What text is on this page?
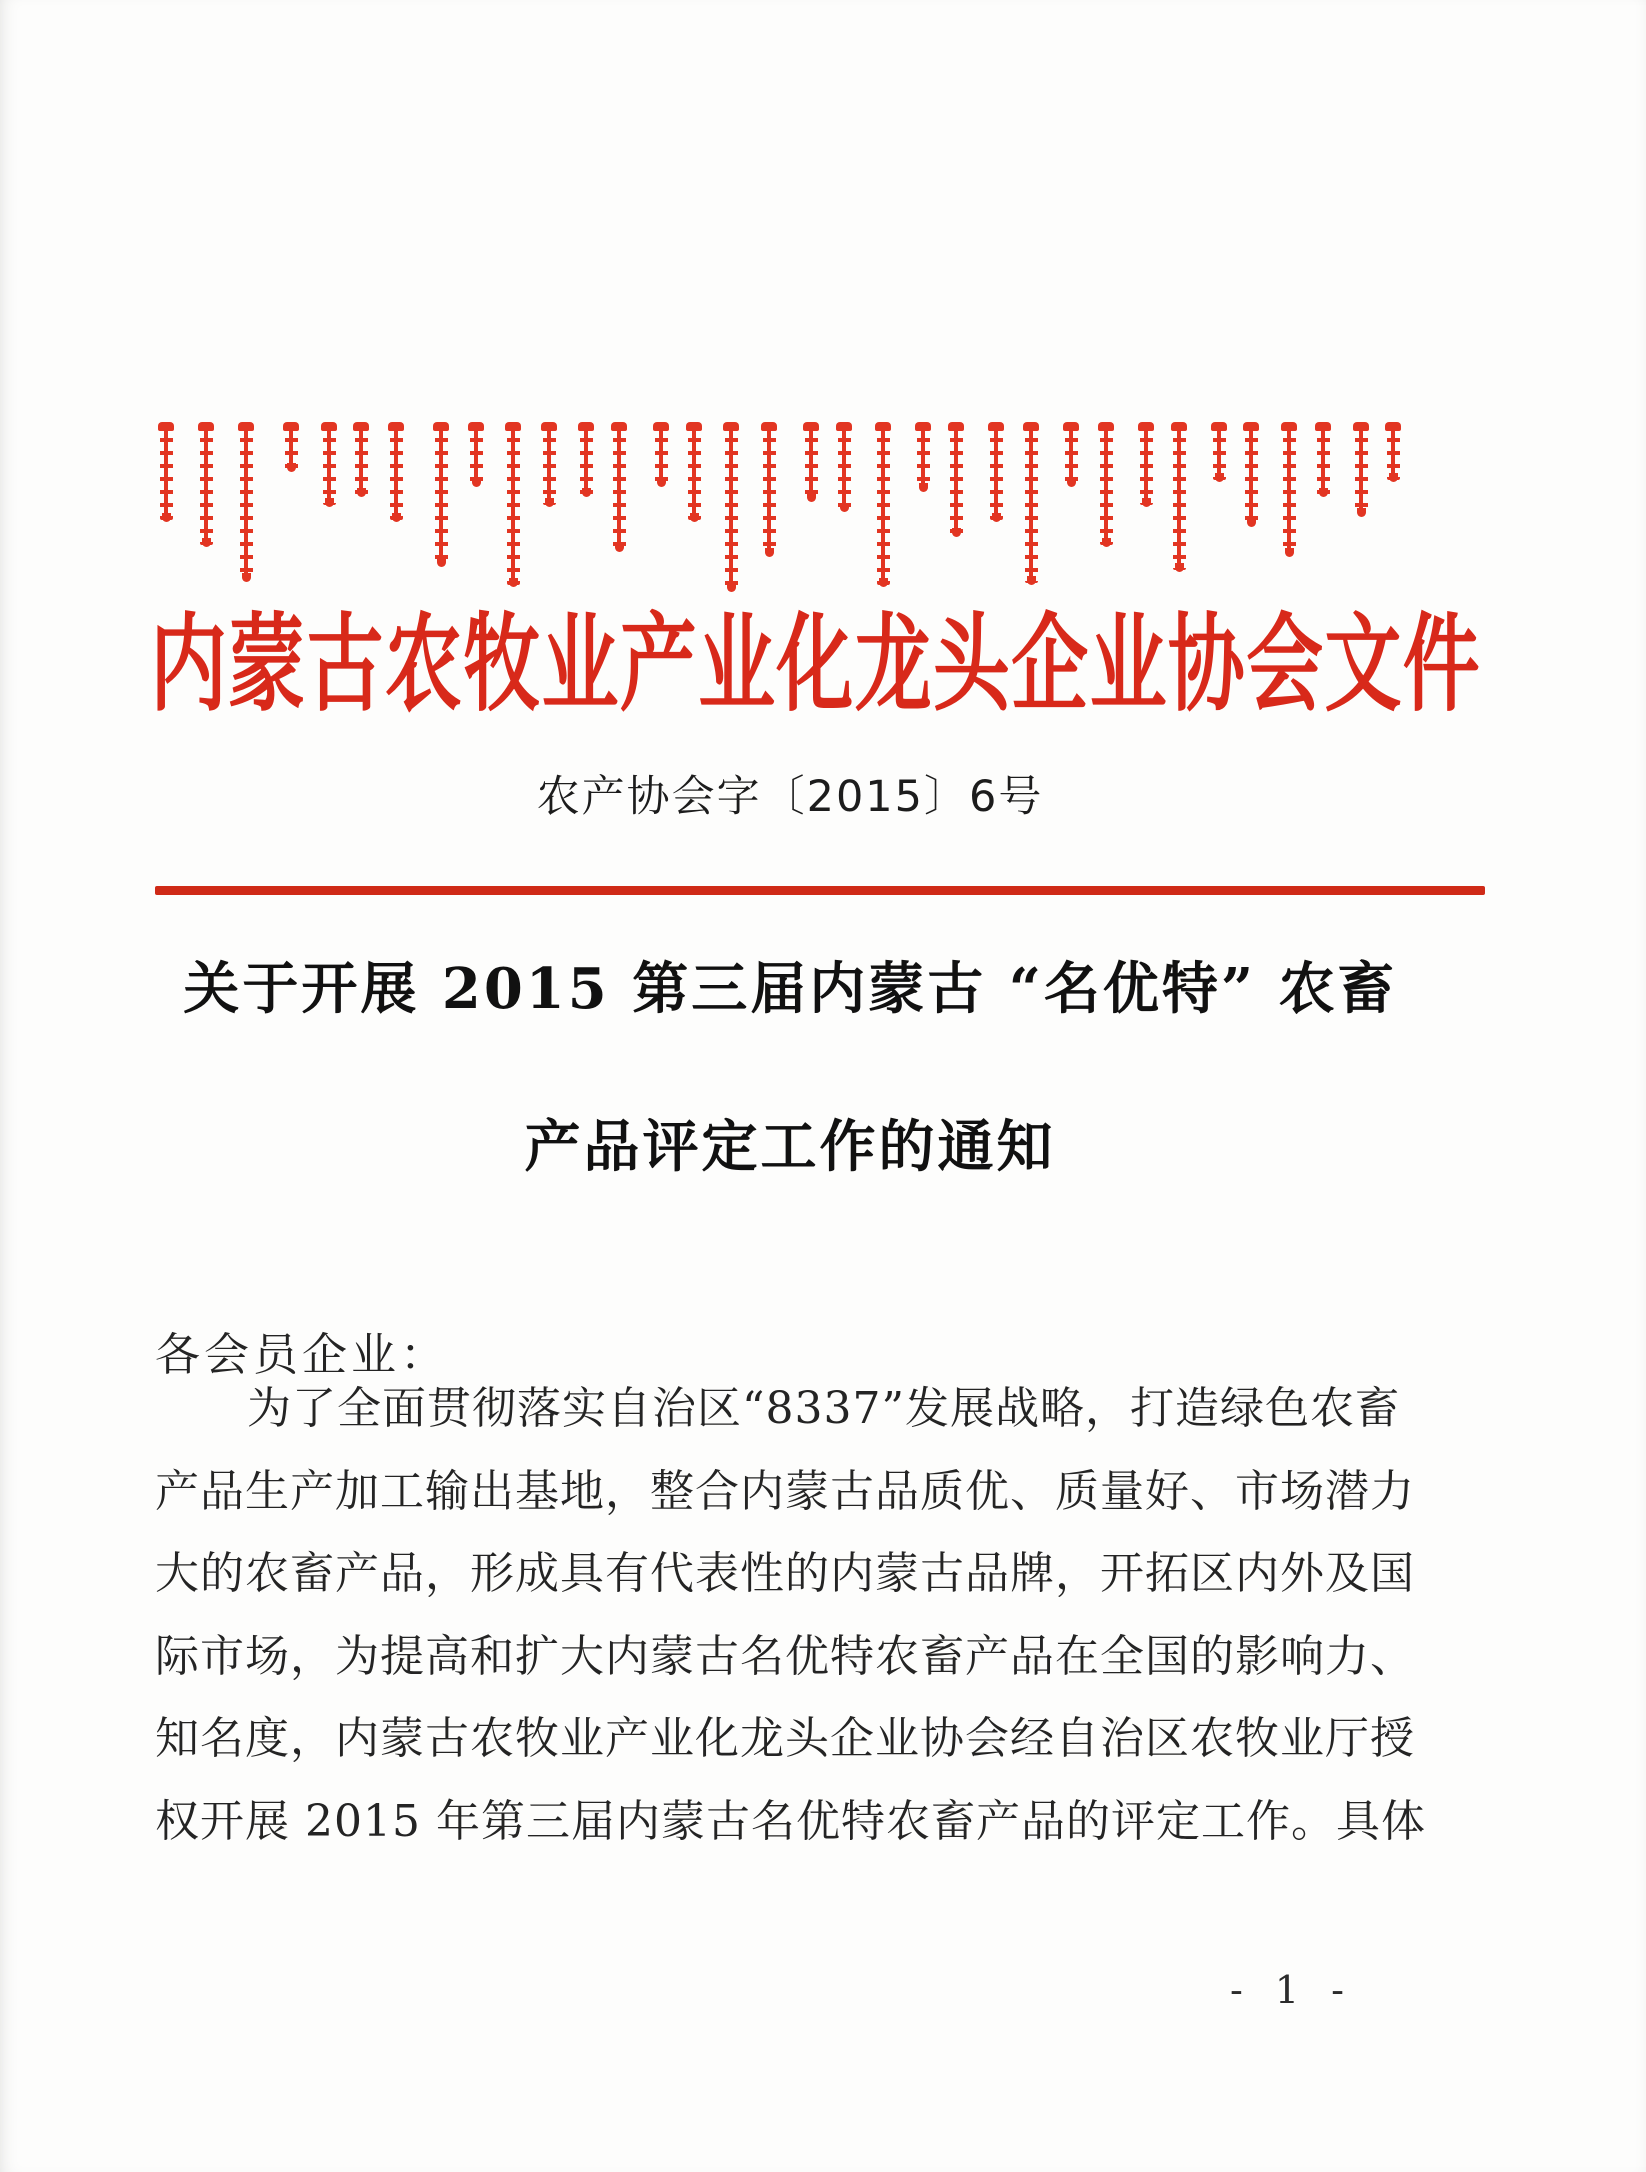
内蒙古农牧业产业化龙头企业协会文件
农产协会字〔2015〕6号
关于开展 2015 第三届内蒙古 “名优特” 农畜
产品评定工作的通知
各会员企业：
为了全面贯彻落实自治区“8337”发展战略，打造绿色农畜
产品生产加工输出基地，整合内蒙古品质优、质量好、市场潜力
大的农畜产品，形成具有代表性的内蒙古品牌，开拓区内外及国
际市场，为提高和扩大内蒙古名优特农畜产品在全国的影响力、
知名度，内蒙古农牧业产业化龙头企业协会经自治区农牧业厅授
权开展 2015 年第三届内蒙古名优特农畜产品的评定工作。具体
- 1 -
